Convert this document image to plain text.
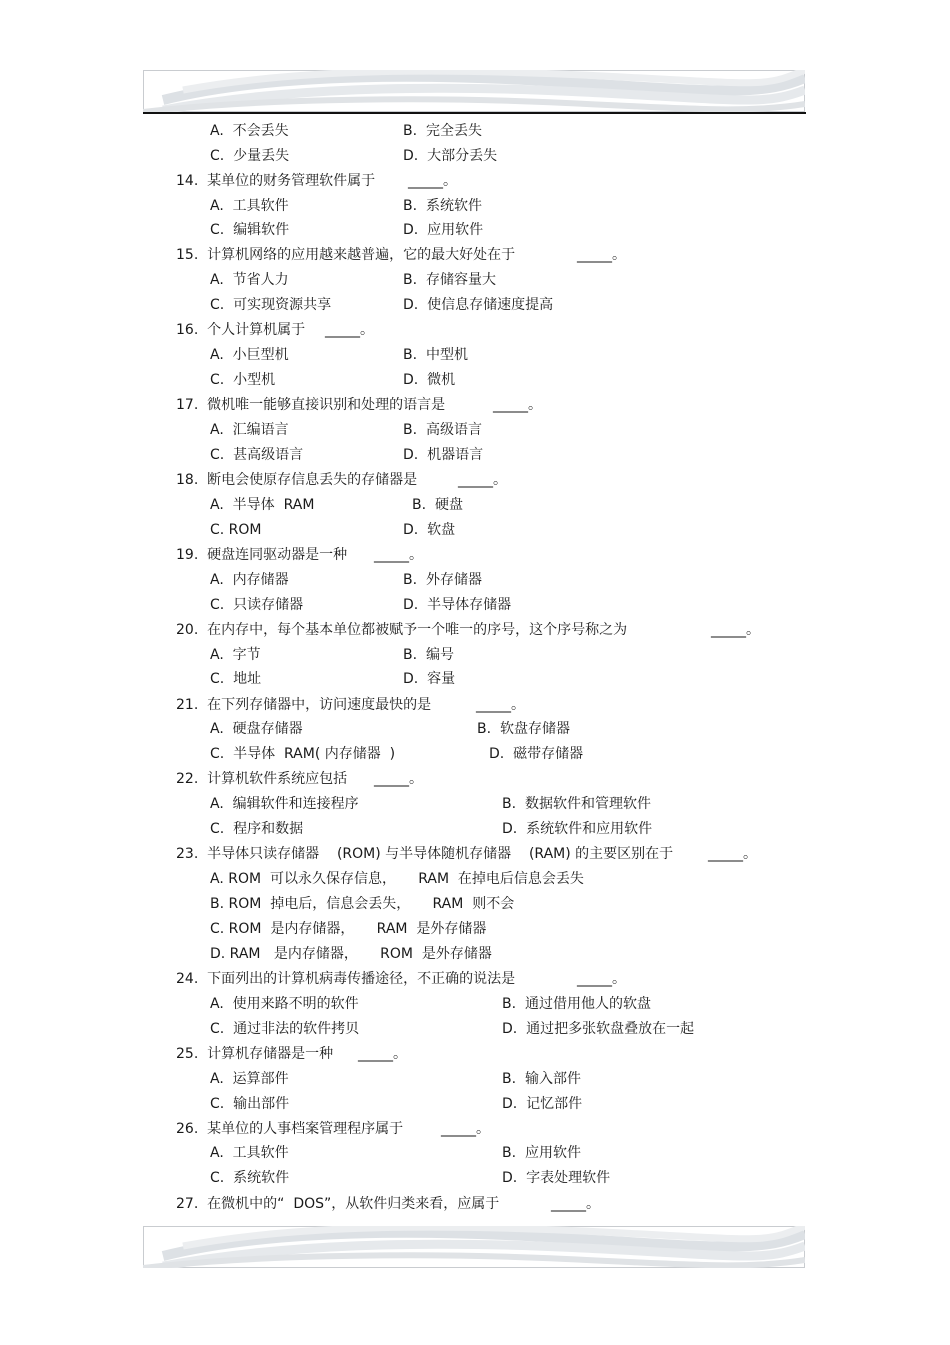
A.  不会丢失	B.  完全丢失
C.  少量丢失	D.  大部分丢失
14.  某单位的财务管理软件属于 _____。
A.  工具软件	B.  系统软件
C.  编辑软件	D.  应用软件
15.  计算机网络的应用越来越普遍，它的最大好处在于	_____。
A.  节省人力	B.  存储容量大
C.  可实现资源共享	D.  使信息存储速度提高
16.  个人计算机属于 _____。
A.  小巨型机	B.  中型机
C.  小型机	D.  微机
17.  微机唯一能够直接识别和处理的语言是	_____。
A.  汇编语言	B.  高级语言
C.  甚高级语言	D.  机器语言
18.  断电会使原存信息丢失的存储器是	_____。
A.  半导体  RAM	B.  硬盘
C. ROM	D.  软盘
19.  硬盘连同驱动器是一种 _____。
A.  内存储器	B.  外存储器
C.  只读存储器	D.  半导体存储器
20.  在内存中，每个基本单位都被赋予一个唯一的序号，这个序号称之为	_____。
A.  字节	B.  编号
C.  地址	D.  容量
21.  在下列存储器中，访问速度最快的是	_____。
A.  硬盘存储器	B.  软盘存储器
C.  半导体  RAM( 内存储器  )	D.  磁带存储器
22.  计算机软件系统应包括 _____。
A.  编辑软件和连接程序	B.  数据软件和管理软件
C.  程序和数据	D.  系统软件和应用软件
23.  半导体只读存储器    (ROM) 与半导体随机存储器    (RAM) 的主要区别在于 _____。
A. ROM  可以永久保存信息，     RAM  在掉电后信息会丢失
B. ROM  掉电后，信息会丢失，     RAM  则不会
C. ROM  是内存储器，     RAM  是外存储器
D. RAM   是内存储器，     ROM  是外存储器
24.  下面列出的计算机病毒传播途径，不正确的说法是	_____。
A.  使用来路不明的软件	B.  通过借用他人的软盘
C.  通过非法的软件拷贝	D.  通过把多张软盘叠放在一起
25.  计算机存储器是一种 _____。
A.  运算部件	B.  输入部件
C.  输出部件	D.  记忆部件
26.  某单位的人事档案管理程序属于	_____。
A.  工具软件	B.  应用软件
C.  系统软件	D.  字表处理软件
27.  在微机中的“  DOS”，从软件归类来看，应属于	_____。
